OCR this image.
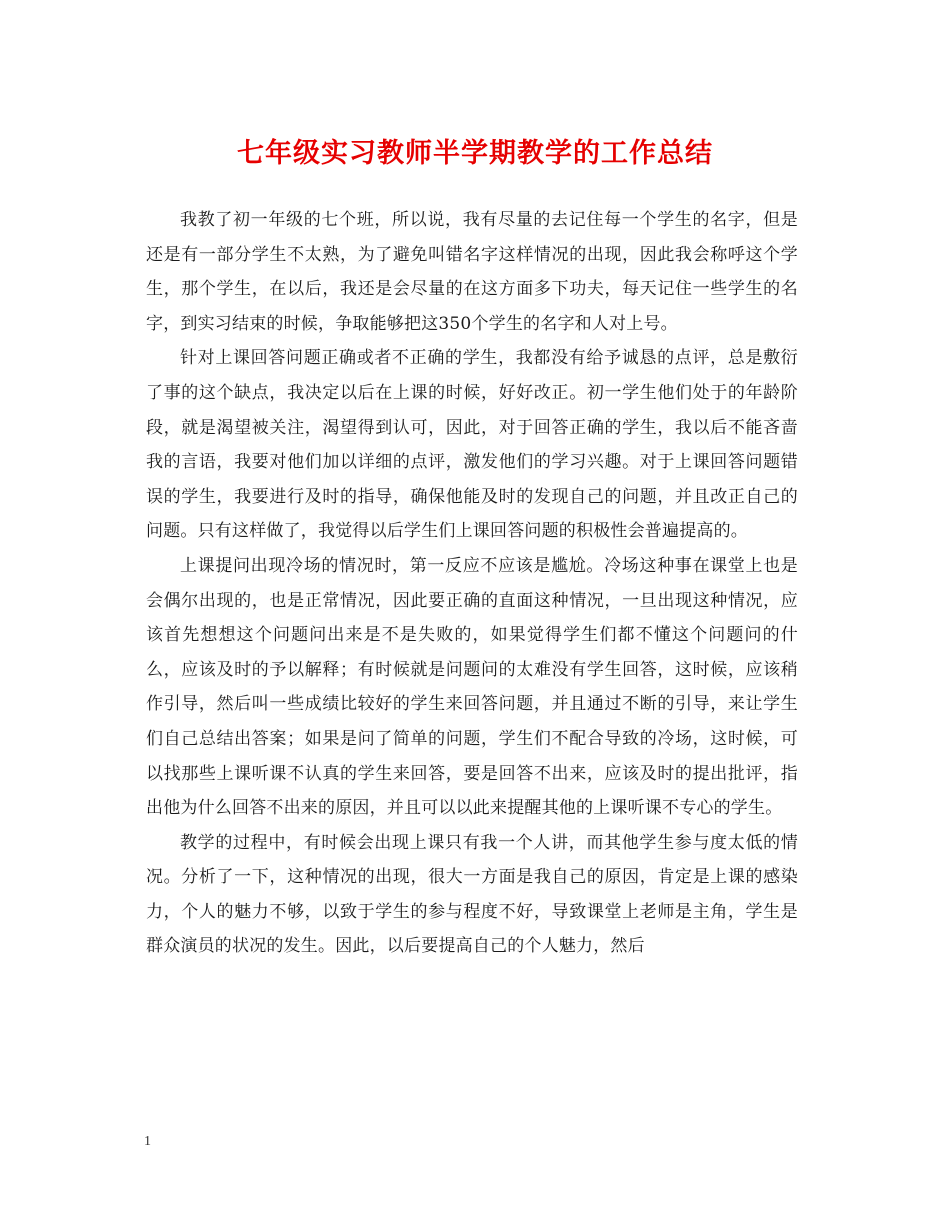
七年级实习教师半学期教学的工作总结

我教了初一年级的七个班，所以说，我有尽量的去记住每一个学生的名字，但是还是有一部分学生不太熟，为了避免叫错名字这样情况的出现，因此我会称呼这个学生，那个学生，在以后，我还是会尽量的在这方面多下功夫，每天记住一些学生的名字，到实习结束的时候，争取能够把这350个学生的名字和人对上号。

针对上课回答问题正确或者不正确的学生，我都没有给予诚恳的点评，总是敷衍了事的这个缺点，我决定以后在上课的时候，好好改正。初一学生他们处于的年龄阶段，就是渴望被关注，渴望得到认可，因此，对于回答正确的学生，我以后不能吝啬我的言语，我要对他们加以详细的点评，激发他们的学习兴趣。对于上课回答问题错误的学生，我要进行及时的指导，确保他能及时的发现自己的问题，并且改正自己的问题。只有这样做了，我觉得以后学生们上课回答问题的积极性会普遍提高的。

上课提问出现冷场的情况时，第一反应不应该是尴尬。冷场这种事在课堂上也是会偶尔出现的，也是正常情况，因此要正确的直面这种情况，一旦出现这种情况，应该首先想想这个问题问出来是不是失败的，如果觉得学生们都不懂这个问题问的什么，应该及时的予以解释；有时候就是问题问的太难没有学生回答，这时候，应该稍作引导，然后叫一些成绩比较好的学生来回答问题，并且通过不断的引导，来让学生们自己总结出答案；如果是问了简单的问题，学生们不配合导致的冷场，这时候，可以找那些上课听课不认真的学生来回答，要是回答不出来，应该及时的提出批评，指出他为什么回答不出来的原因，并且可以以此来提醒其他的上课听课不专心的学生。

教学的过程中，有时候会出现上课只有我一个人讲，而其他学生参与度太低的情况。分析了一下，这种情况的出现，很大一方面是我自己的原因，肯定是上课的感染力，个人的魅力不够，以致于学生的参与程度不好，导致课堂上老师是主角，学生是群众演员的状况的发生。因此，以后要提高自己的个人魅力，然后

1
